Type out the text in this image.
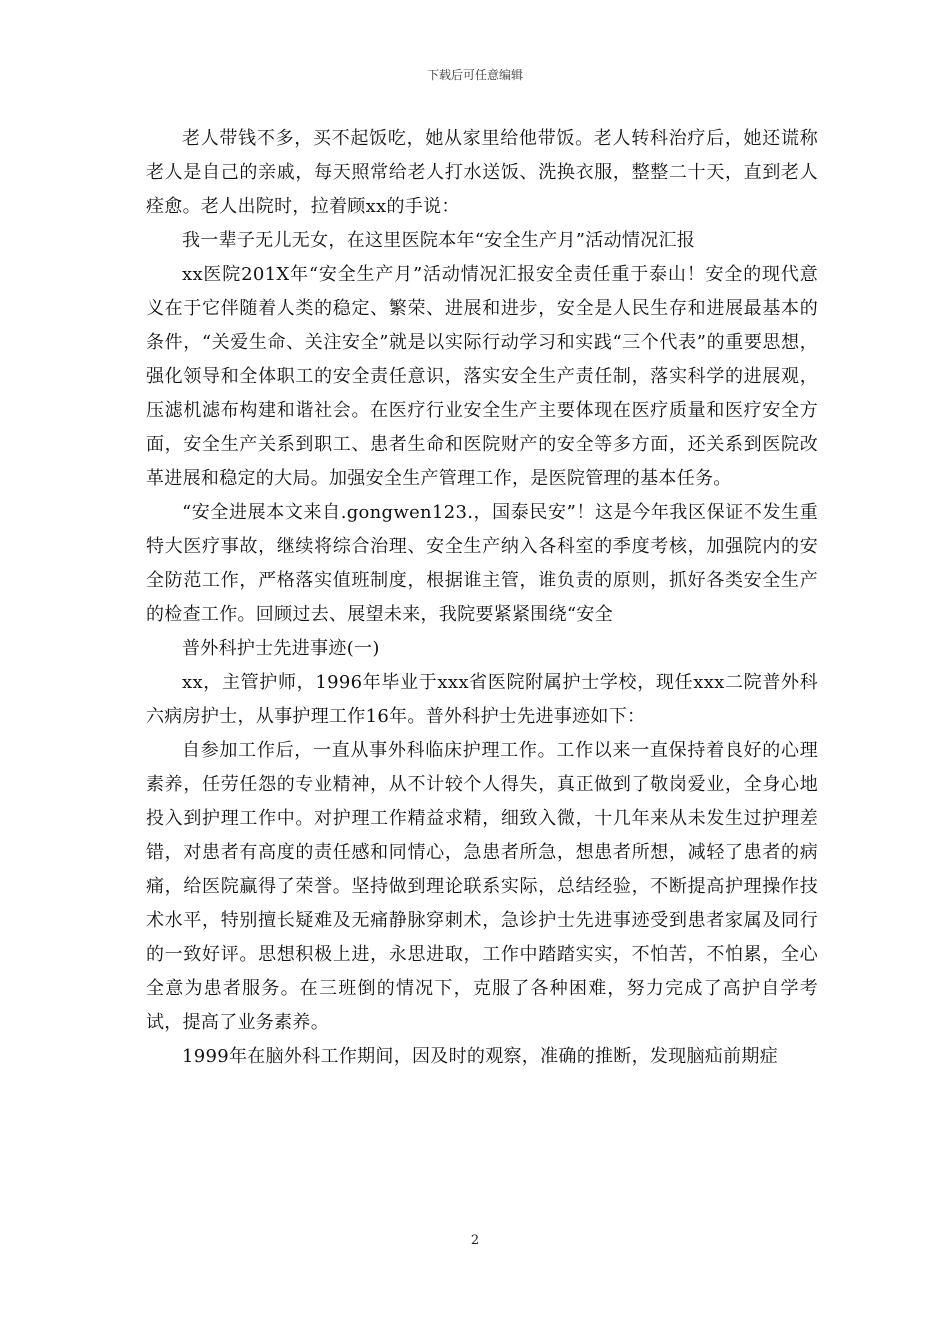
下载后可任意编辑

老人带钱不多，买不起饭吃，她从家里给他带饭。老人转科治疗后，她还谎称老人是自己的亲戚，每天照常给老人打水送饭、洗换衣服，整整二十天，直到老人痊愈。老人出院时，拉着顾xx的手说：

我一辈子无儿无女，在这里医院本年“安全生产月”活动情况汇报

xx医院201X年“安全生产月”活动情况汇报安全责任重于泰山！安全的现代意义在于它伴随着人类的稳定、繁荣、进展和进步，安全是人民生存和进展最基本的条件，“关爱生命、关注安全”就是以实际行动学习和实践“三个代表”的重要思想，强化领导和全体职工的安全责任意识，落实安全生产责任制，落实科学的进展观，压滤机滤布构建和谐社会。在医疗行业安全生产主要体现在医疗质量和医疗安全方面，安全生产关系到职工、患者生命和医院财产的安全等多方面，还关系到医院改革进展和稳定的大局。加强安全生产管理工作，是医院管理的基本任务。

“安全进展本文来自.gongwen123.，国泰民安”！这是今年我区保证不发生重特大医疗事故，继续将综合治理、安全生产纳入各科室的季度考核，加强院内的安全防范工作，严格落实值班制度，根据谁主管，谁负责的原则，抓好各类安全生产的检查工作。回顾过去、展望未来，我院要紧紧围绕“安全

普外科护士先进事迹(一)

xx，主管护师，1996年毕业于xxx省医院附属护士学校，现任xxx二院普外科六病房护士，从事护理工作16年。普外科护士先进事迹如下：

自参加工作后，一直从事外科临床护理工作。工作以来一直保持着良好的心理素养，任劳任怨的专业精神，从不计较个人得失，真正做到了敬岗爱业，全身心地投入到护理工作中。对护理工作精益求精，细致入微，十几年来从未发生过护理差错，对患者有高度的责任感和同情心，急患者所急，想患者所想，减轻了患者的病痛，给医院赢得了荣誉。坚持做到理论联系实际，总结经验，不断提高护理操作技术水平，特别擅长疑难及无痛静脉穿刺术，急诊护士先进事迹受到患者家属及同行的一致好评。思想积极上进，永思进取，工作中踏踏实实，不怕苦，不怕累，全心全意为患者服务。在三班倒的情况下，克服了各种困难，努力完成了高护自学考试，提高了业务素养。

1999年在脑外科工作期间，因及时的观察，准确的推断，发现脑疝前期症

2
